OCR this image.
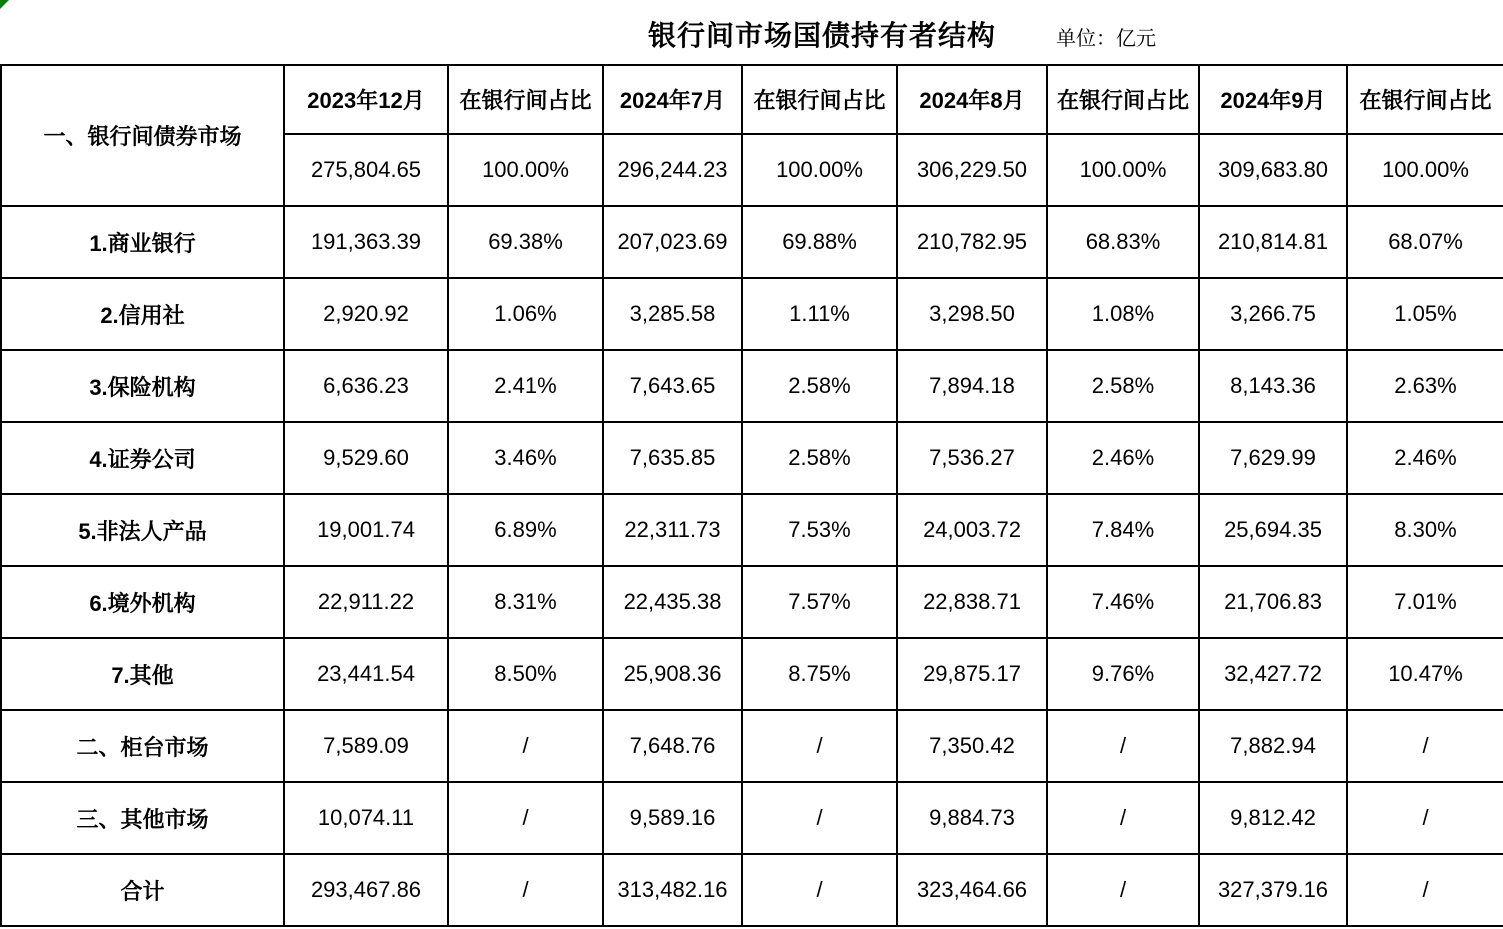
银行间市场国债持有者结构	单位：亿元
一、银行间债券市场	2023年12月	在银行间占比	2024年7月	在银行间占比	2024年8月	在银行间占比	2024年9月	在银行间占比
	275,804.65	100.00%	296,244.23	100.00%	306,229.50	100.00%	309,683.80	100.00%
1.商业银行	191,363.39	69.38%	207,023.69	69.88%	210,782.95	68.83%	210,814.81	68.07%
2.信用社	2,920.92	1.06%	3,285.58	1.11%	3,298.50	1.08%	3,266.75	1.05%
3.保险机构	6,636.23	2.41%	7,643.65	2.58%	7,894.18	2.58%	8,143.36	2.63%
4.证券公司	9,529.60	3.46%	7,635.85	2.58%	7,536.27	2.46%	7,629.99	2.46%
5.非法人产品	19,001.74	6.89%	22,311.73	7.53%	24,003.72	7.84%	25,694.35	8.30%
6.境外机构	22,911.22	8.31%	22,435.38	7.57%	22,838.71	7.46%	21,706.83	7.01%
7.其他	23,441.54	8.50%	25,908.36	8.75%	29,875.17	9.76%	32,427.72	10.47%
二、柜台市场	7,589.09	/	7,648.76	/	7,350.42	/	7,882.94	/
三、其他市场	10,074.11	/	9,589.16	/	9,884.73	/	9,812.42	/
合计	293,467.86	/	313,482.16	/	323,464.66	/	327,379.16	/
